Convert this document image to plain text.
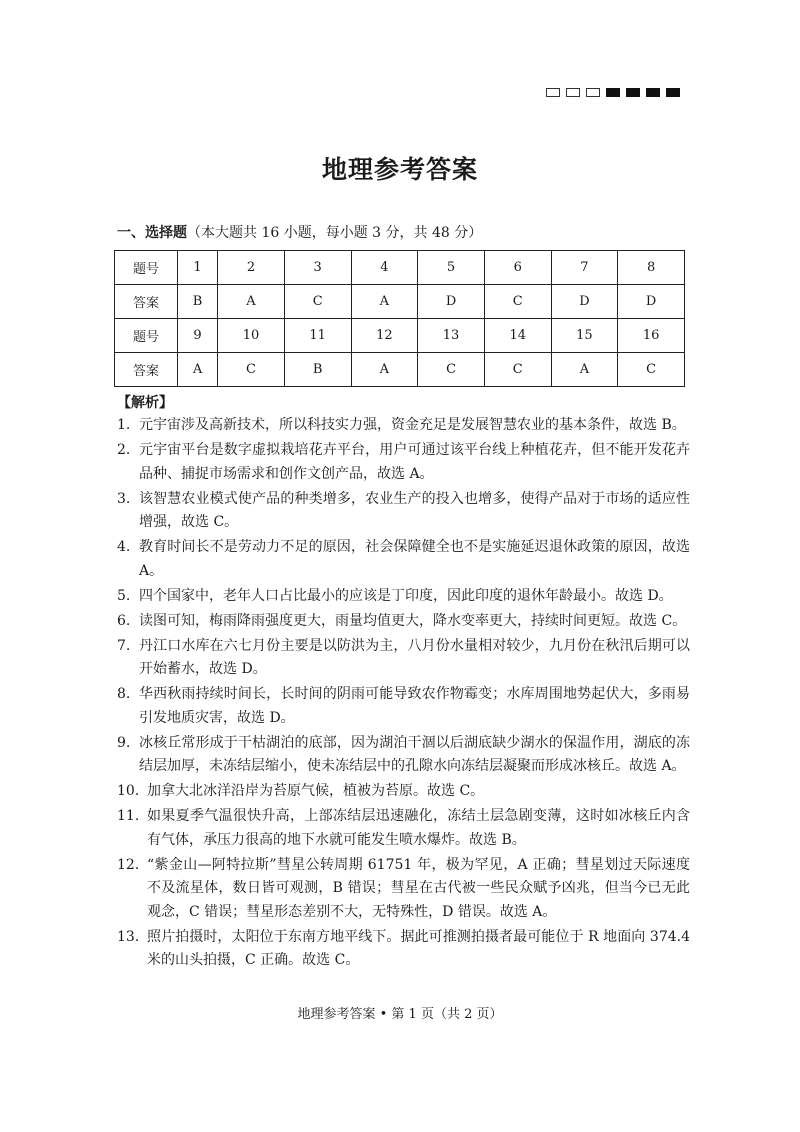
地理参考答案
一、选择题（本大题共 16 小题，每小题 3 分，共 48 分）
题号	1	2	3	4	5	6	7	8
答案	B	A	C	A	D	C	D	D
题号	9	10	11	12	13	14	15	16
答案	A	C	B	A	C	C	A	C
【解析】
1. 元宇宙涉及高新技术，所以科技实力强，资金充足是发展智慧农业的基本条件，故选 B。
2. 元宇宙平台是数字虚拟栽培花卉平台，用户可通过该平台线上种植花卉，但不能开发花卉品种、捕捉市场需求和创作文创产品，故选 A。
3. 该智慧农业模式使产品的种类增多，农业生产的投入也增多，使得产品对于市场的适应性增强，故选 C。
4. 教育时间长不是劳动力不足的原因，社会保障健全也不是实施延迟退休政策的原因，故选 A。
5. 四个国家中，老年人口占比最小的应该是丁印度，因此印度的退休年龄最小。故选 D。
6. 读图可知，梅雨降雨强度更大，雨量均值更大，降水变率更大，持续时间更短。故选 C。
7. 丹江口水库在六七月份主要是以防洪为主，八月份水量相对较少，九月份在秋汛后期可以开始蓄水，故选 D。
8. 华西秋雨持续时间长，长时间的阴雨可能导致农作物霉变；水库周围地势起伏大，多雨易引发地质灾害，故选 D。
9. 冰核丘常形成于干枯湖泊的底部，因为湖泊干涸以后湖底缺少湖水的保温作用，湖底的冻结层加厚，未冻结层缩小，使未冻结层中的孔隙水向冻结层凝聚而形成冰核丘。故选 A。
10. 加拿大北冰洋沿岸为苔原气候，植被为苔原。故选 C。
11. 如果夏季气温很快升高，上部冻结层迅速融化，冻结土层急剧变薄，这时如冰核丘内含有气体，承压力很高的地下水就可能发生喷水爆炸。故选 B。
12. “紫金山—阿特拉斯”彗星公转周期 61751 年，极为罕见，A 正确；彗星划过天际速度不及流星体，数日皆可观测，B 错误；彗星在古代被一些民众赋予凶兆，但当今已无此观念，C 错误；彗星形态差别不大，无特殊性，D 错误。故选 A。
13. 照片拍摄时，太阳位于东南方地平线下。据此可推测拍摄者最可能位于 R 地面向 374.4 米的山头拍摄，C 正确。故选 C。
地理参考答案 • 第 1 页（共 2 页）
